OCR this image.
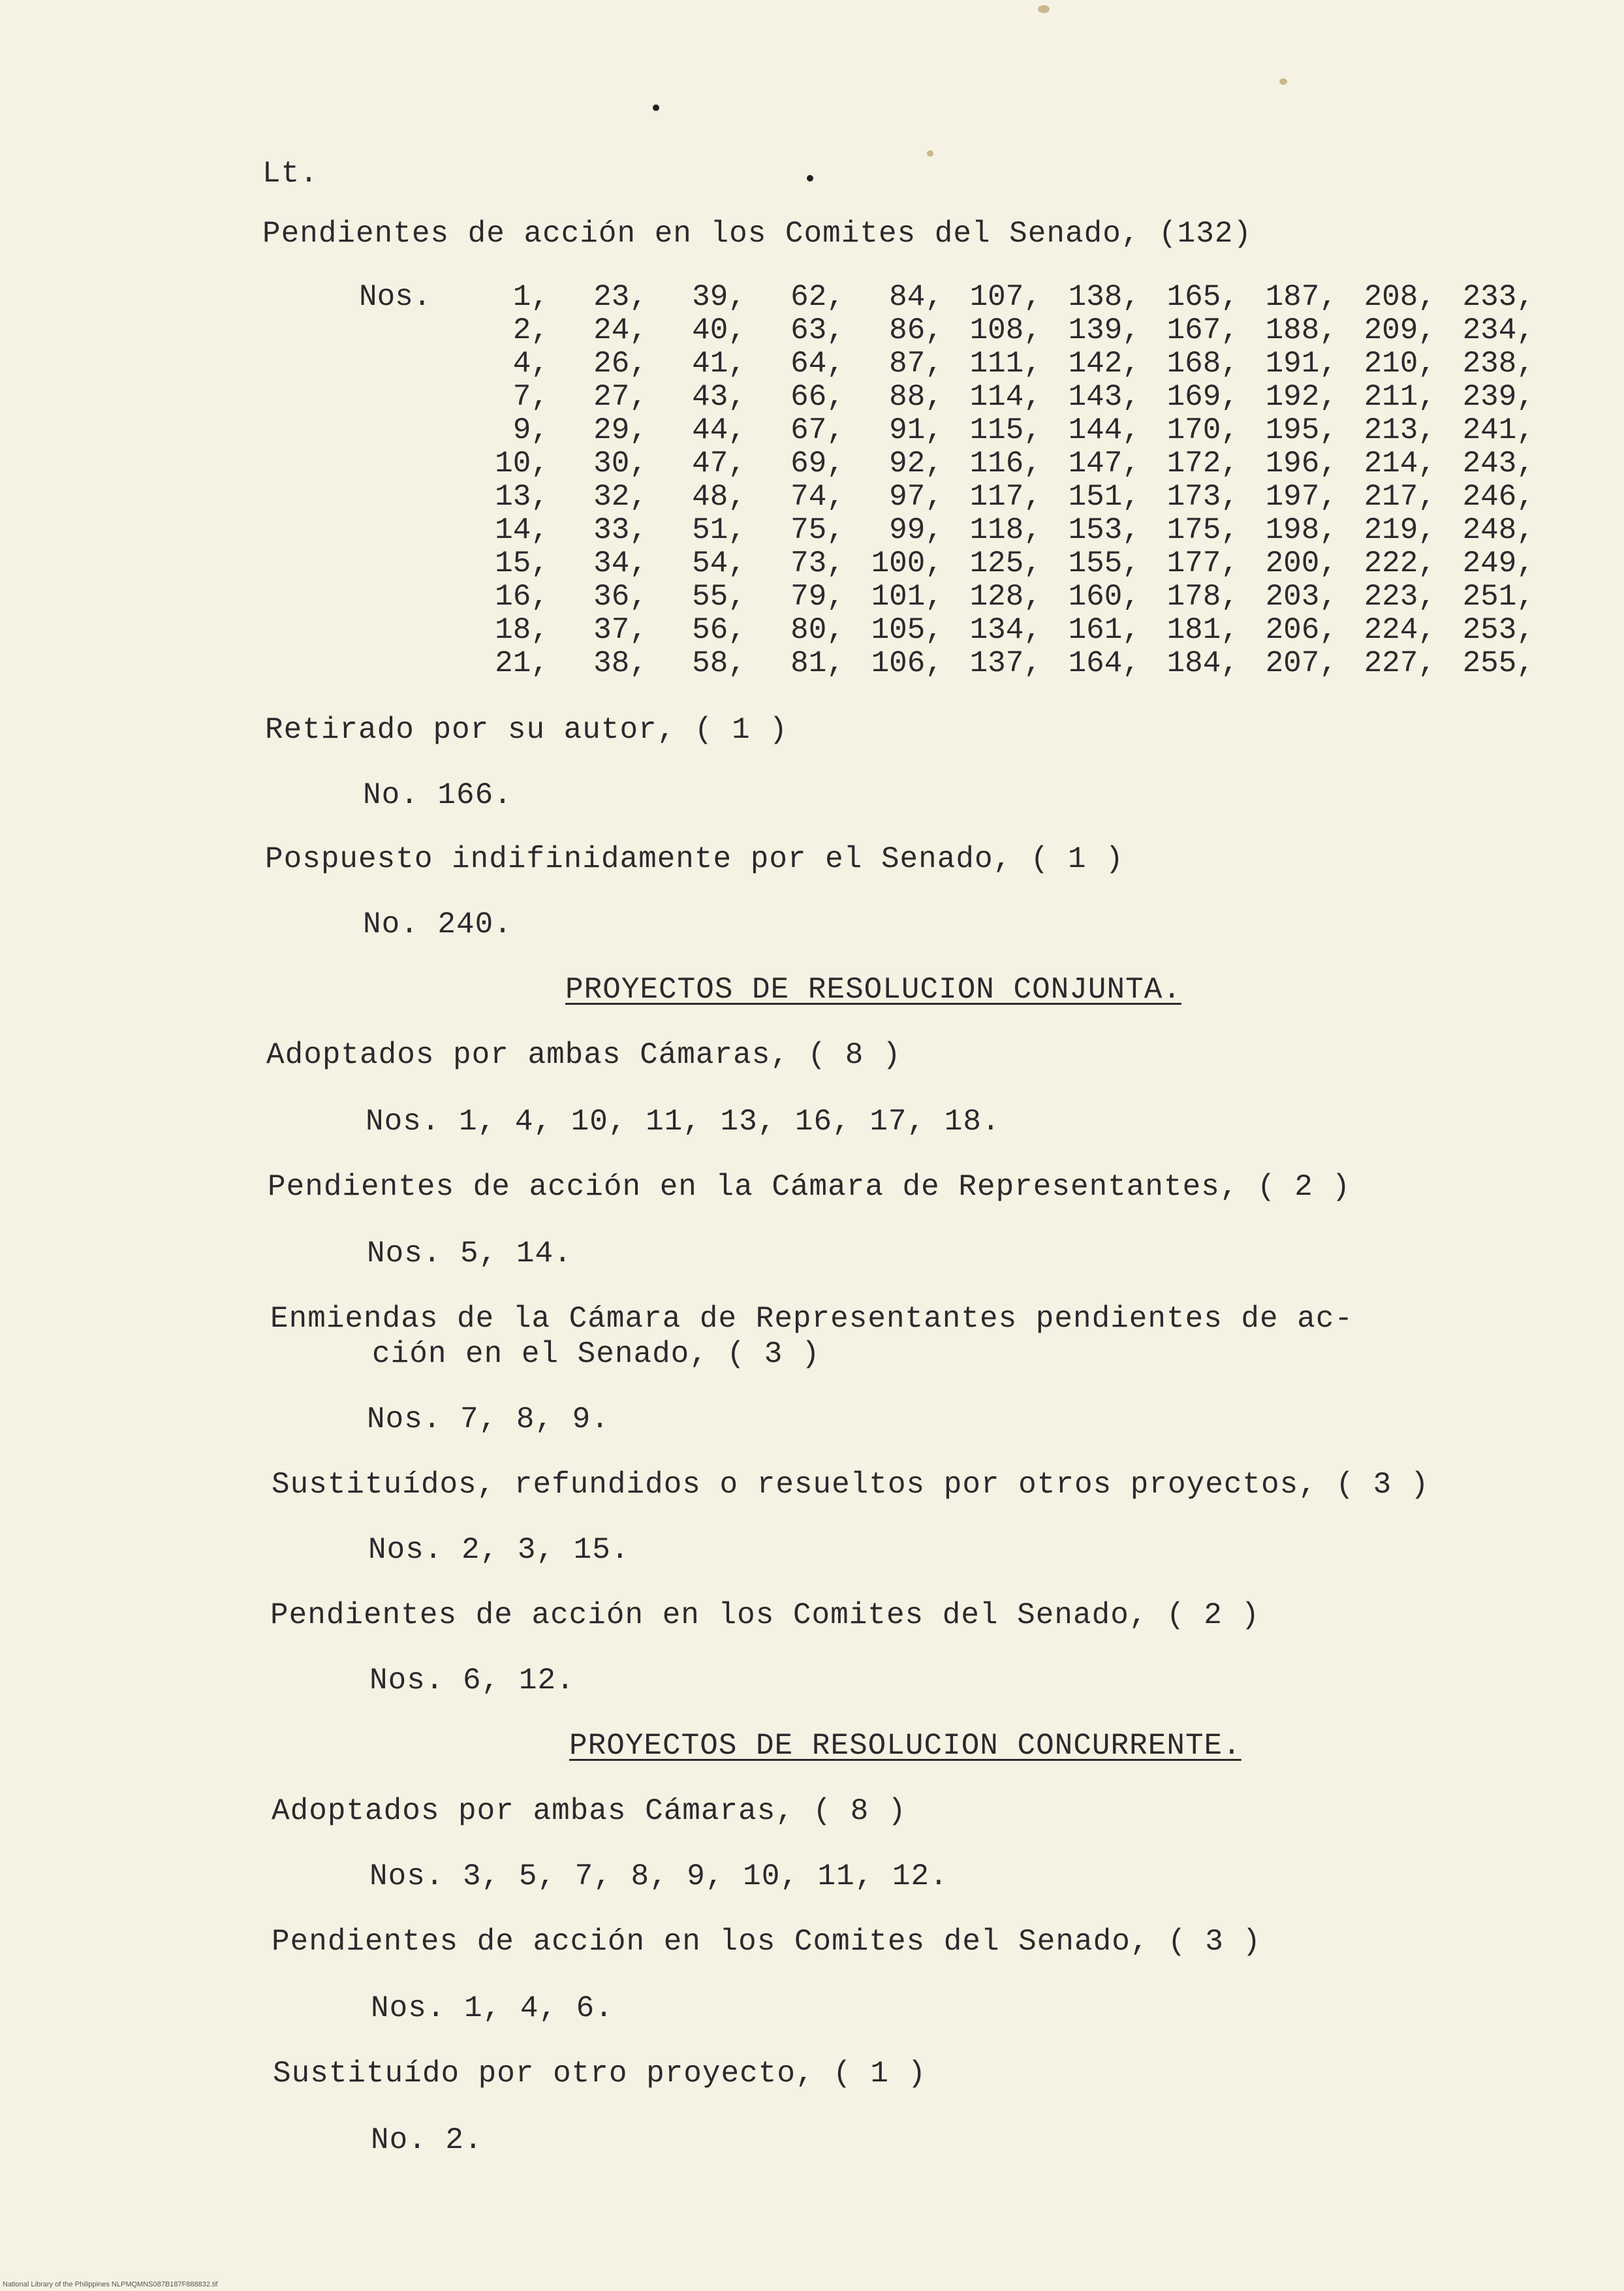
Lt.
Pendientes de acción en los Comites del Senado, (132)
Nos.	1,	23,	39,	62,	84,	107,	138,	165,	187,	208,	233,
	2,	24,	40,	63,	86,	108,	139,	167,	188,	209,	234,
	4,	26,	41,	64,	87,	111,	142,	168,	191,	210,	238,
	7,	27,	43,	66,	88,	114,	143,	169,	192,	211,	239,
	9,	29,	44,	67,	91,	115,	144,	170,	195,	213,	241,
	10,	30,	47,	69,	92,	116,	147,	172,	196,	214,	243,
	13,	32,	48,	74,	97,	117,	151,	173,	197,	217,	246,
	14,	33,	51,	75,	99,	118,	153,	175,	198,	219,	248,
	15,	34,	54,	73,	100,	125,	155,	177,	200,	222,	249,
	16,	36,	55,	79,	101,	128,	160,	178,	203,	223,	251,
	18,	37,	56,	80,	105,	134,	161,	181,	206,	224,	253,
	21,	38,	58,	81,	106,	137,	164,	184,	207,	227,	255,
Retirado por su autor, ( 1 )
No. 166.
Pospuesto indifinidamente por el Senado, ( 1 )
No. 240.
PROYECTOS DE RESOLUCION CONJUNTA.
Adoptados por ambas Cámaras, ( 8 )
Nos. 1, 4, 10, 11, 13, 16, 17, 18.
Pendientes de acción en la Cámara de Representantes, ( 2 )
Nos. 5, 14.
Enmiendas de la Cámara de Representantes pendientes de ac-
ción en el Senado, ( 3 )
Nos. 7, 8, 9.
Sustituídos, refundidos o resueltos por otros proyectos, ( 3 )
Nos. 2, 3, 15.
Pendientes de acción en los Comites del Senado, ( 2 )
Nos. 6, 12.
PROYECTOS DE RESOLUCION CONCURRENTE.
Adoptados por ambas Cámaras, ( 8 )
Nos. 3, 5, 7, 8, 9, 10, 11, 12.
Pendientes de acción en los Comites del Senado, ( 3 )
Nos. 1, 4, 6.
Sustituído por otro proyecto, ( 1 )
No. 2.
National Library of the Philippines NLPMQMNS087B187F888832.tif
